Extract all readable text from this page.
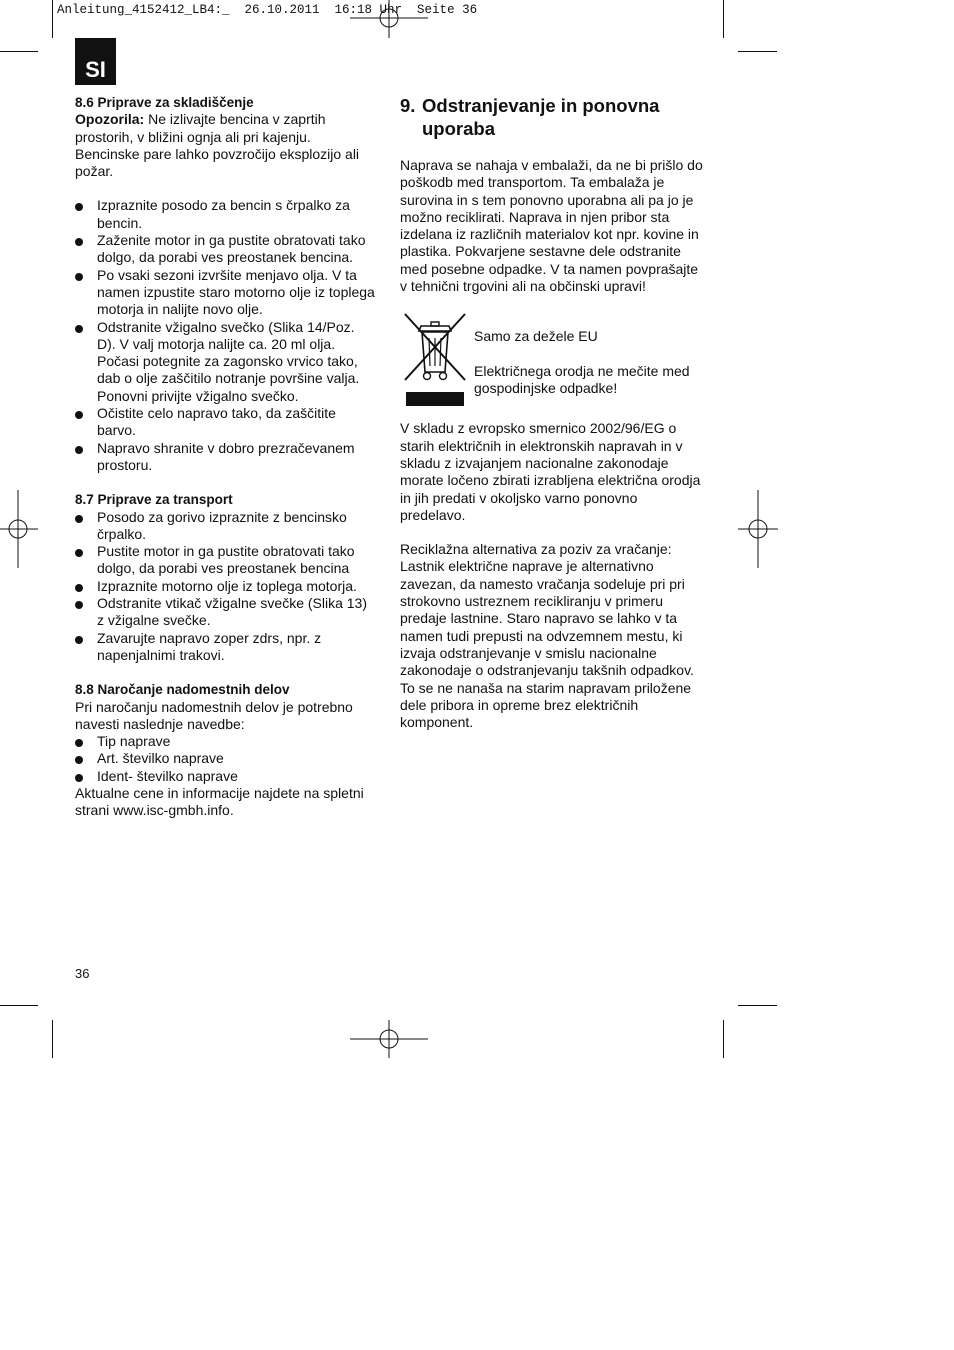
Anleitung_4152412_LB4:_  26.10.2011  16:18 Uhr  Seite 36
SI

8.6 Priprave za skladiščenje

Opozorila: Ne izlivajte bencina v zaprtih prostorih, v bližini ognja ali pri kajenju. Bencinske pare lahko povzročijo eksplozijo ali požar.

Izpraznite posodo za bencin s črpalko za bencin.
Zaženite motor in ga pustite obratovati tako dolgo, da porabi ves preostanek bencina.
Po vsaki sezoni izvršite menjavo olja. V ta namen izpustite staro motorno olje iz toplega motorja in nalijte novo olje.
Odstranite vžigalno svečko (Slika 14/Poz. D). V valj motorja nalijte ca. 20 ml olja. Počasi potegnite za zagonsko vrvico tako, dab o olje zaščitilo notranje površine valja. Ponovni privijte vžigalno svečko.
Očistite celo napravo tako, da zaščitite barvo.
Napravo shranite v dobro prezračevanem prostoru.

8.7 Priprave za transport

Posodo za gorivo izpraznite z bencinsko črpalko.
Pustite motor in ga pustite obratovati tako dolgo, da porabi ves preostanek bencina
Izpraznite motorno olje iz toplega motorja.
Odstranite vtikač vžigalne svečke (Slika 13) z vžigalne svečke.
Zavarujte napravo zoper zdrs, npr. z napenjalnimi trakovi.

8.8 Naročanje nadomestnih delov

Pri naročanju nadomestnih delov je potrebno navesti naslednje navedbe:

Tip naprave
Art. številko naprave
Ident- številko naprave

Aktualne cene in informacije najdete na spletni strani www.isc-gmbh.info.

9. Odstranjevanje in ponovna
uporaba

Naprava se nahaja v embalaži, da ne bi prišlo do poškodb med transportom. Ta embalaža je surovina in s tem ponovno uporabna ali pa jo je možno reciklirati. Naprava in njen pribor sta izdelana iz različnih materialov kot npr. kovine in plastika. Pokvarjene sestavne dele odstranite med posebne odpadke. V ta namen povprašajte v tehnični trgovini ali na občinski upravi!

Samo za dežele EU

Električnega orodja ne mečite med gospodinjske odpadke!

V skladu z evropsko smernico 2002/96/EG o starih električnih in elektronskih napravah in v skladu z izvajanjem nacionalne zakonodaje morate ločeno zbirati izrabljena električna orodja in jih predati v okoljsko varno ponovno predelavo.

Reciklažna alternativa za poziv za vračanje: Lastnik električne naprave je alternativno zavezan, da namesto vračanja sodeluje pri pri strokovno ustreznem recikliranju v primeru predaje lastnine. Staro napravo se lahko v ta namen tudi prepusti na odvzemnem mestu, ki izvaja odstranjevanje v smislu nacionalne zakonodaje o odstranjevanju takšnih odpadkov. To se ne nanaša na starim napravam priložene dele pribora in opreme brez električnih komponent.

36
